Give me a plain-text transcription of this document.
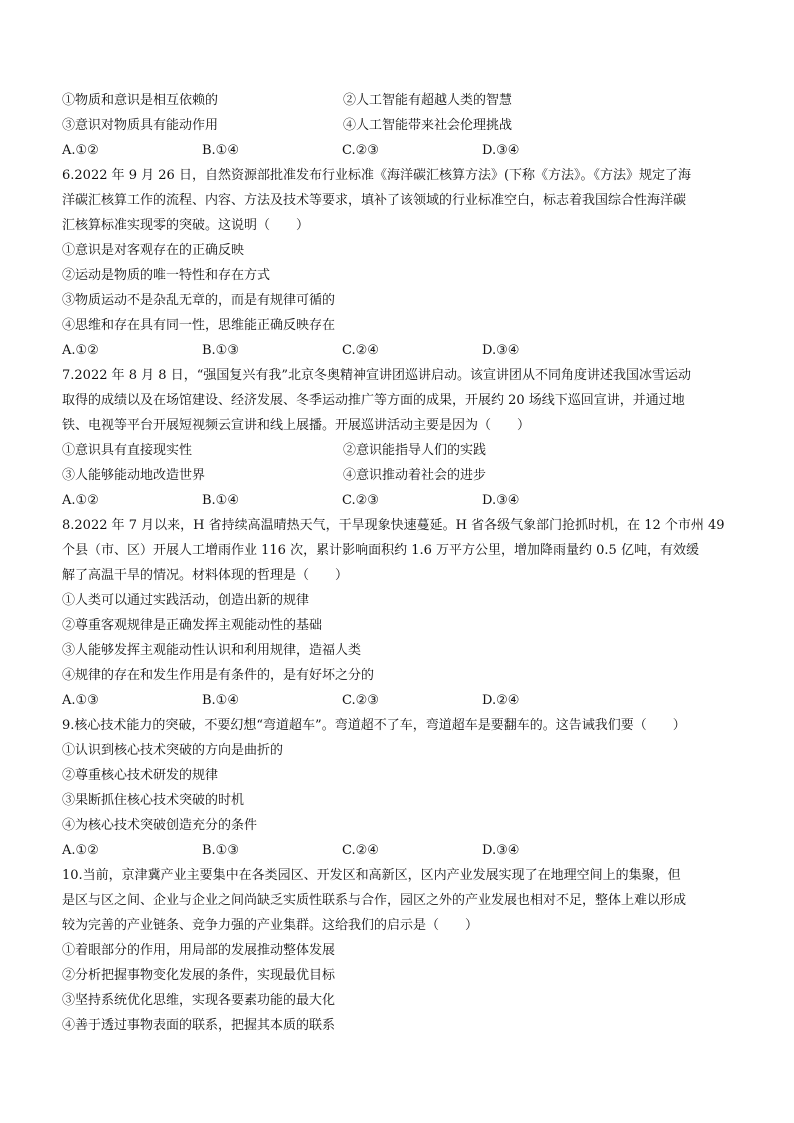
①物质和意识是相互依赖的	②人工智能有超越人类的智慧
③意识对物质具有能动作用	④人工智能带来社会伦理挑战
A.①②	B.①④	C.②③	D.③④
6.2022 年 9 月 26 日，自然资源部批准发布行业标准《海洋碳汇核算方法》(下称《方法》。《方法》规定了海
洋碳汇核算工作的流程、内容、方法及技术等要求，填补了该领域的行业标准空白，标志着我国综合性海洋碳
汇核算标准实现零的突破。这说明（　　）
①意识是对客观存在的正确反映
②运动是物质的唯一特性和存在方式
③物质运动不是杂乱无章的，而是有规律可循的
④思维和存在具有同一性，思维能正确反映存在
A.①②	B.①③	C.②④	D.③④
7.2022 年 8 月 8 日，“强国复兴有我”北京冬奥精神宣讲团巡讲启动。该宣讲团从不同角度讲述我国冰雪运动
取得的成绩以及在场馆建设、经济发展、冬季运动推广等方面的成果，开展约 20 场线下巡回宣讲，并通过地
铁、电视等平台开展短视频云宣讲和线上展播。开展巡讲活动主要是因为（　　）
①意识具有直接现实性	②意识能指导人们的实践
③人能够能动地改造世界	④意识推动着社会的进步
A.①②	B.①④	C.②③	D.③④
8.2022 年 7 月以来，H 省持续高温晴热天气，干旱现象快速蔓延。H 省各级气象部门抢抓时机，在 12 个市州 49
个县（市、区）开展人工增雨作业 116 次，累计影响面积约 1.6 万平方公里，增加降雨量约 0.5 亿吨，有效缓
解了高温干旱的情况。材料体现的哲理是（　　）
①人类可以通过实践活动，创造出新的规律
②尊重客观规律是正确发挥主观能动性的基础
③人能够发挥主观能动性认识和利用规律，造福人类
④规律的存在和发生作用是有条件的，是有好坏之分的
A.①③	B.①④	C.②③	D.②④
9.核心技术能力的突破，不要幻想“弯道超车”。弯道超不了车，弯道超车是要翻车的。这告诫我们要（　　）
①认识到核心技术突破的方向是曲折的
②尊重核心技术研发的规律
③果断抓住核心技术突破的时机
④为核心技术突破创造充分的条件
A.①②	B.①③	C.②④	D.③④
10.当前，京津冀产业主要集中在各类园区、开发区和高新区，区内产业发展实现了在地理空间上的集聚，但
是区与区之间、企业与企业之间尚缺乏实质性联系与合作，园区之外的产业发展也相对不足，整体上难以形成
较为完善的产业链条、竞争力强的产业集群。这给我们的启示是（　　）
①着眼部分的作用，用局部的发展推动整体发展
②分析把握事物变化发展的条件，实现最优目标
③坚持系统优化思维，实现各要素功能的最大化
④善于透过事物表面的联系，把握其本质的联系
